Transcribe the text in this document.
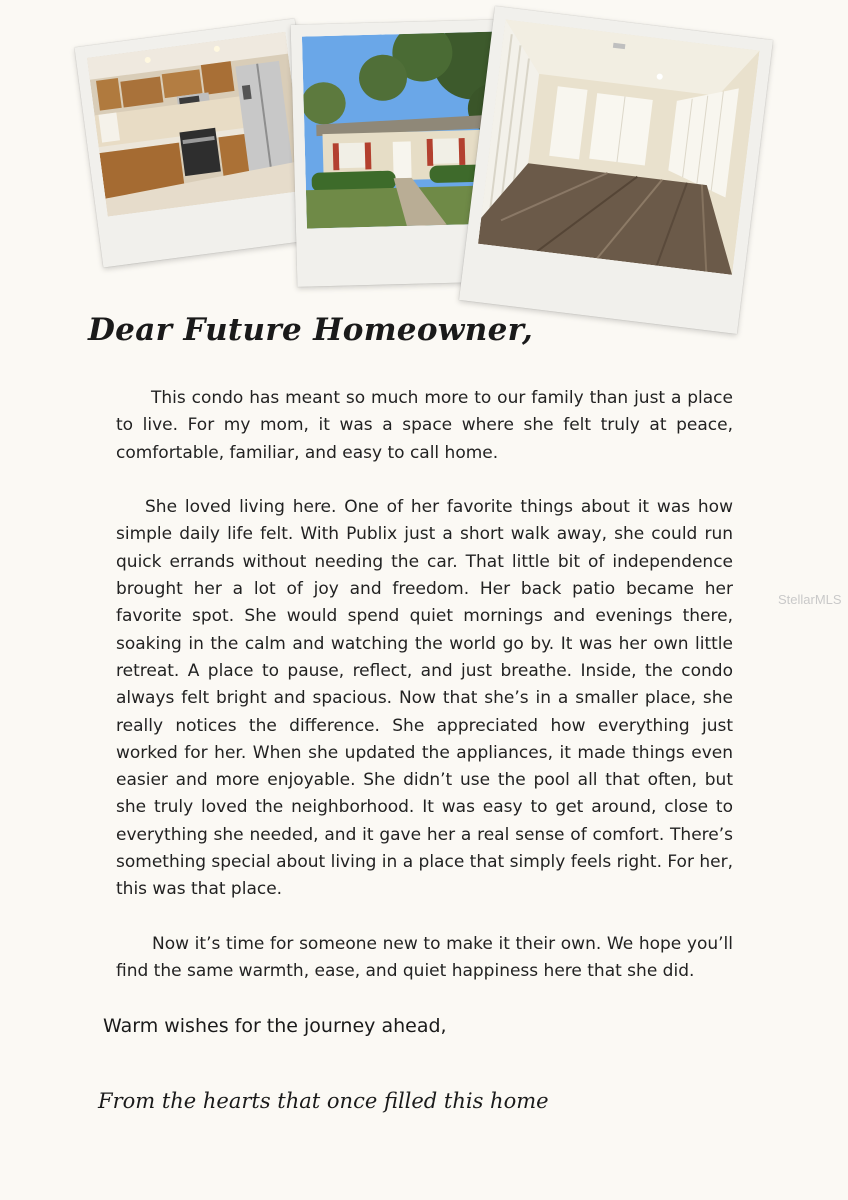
Dear Future Homeowner,

This condo has meant so much more to our family than just a place to live. For my mom, it was a space where she felt truly at peace, comfortable, familiar, and easy to call home.

She loved living here. One of her favorite things about it was how simple daily life felt. With Publix just a short walk away, she could run quick errands without needing the car. That little bit of independence brought her a lot of joy and freedom. Her back patio became her favorite spot. She would spend quiet mornings and evenings there, soaking in the calm and watching the world go by. It was her own little retreat. A place to pause, reflect, and just breathe. Inside, the condo always felt bright and spacious. Now that she’s in a smaller place, she really notices the difference. She appreciated how everything just worked for her. When she updated the appliances, it made things even easier and more enjoyable. She didn’t use the pool all that often, but she truly loved the neighborhood. It was easy to get around, close to everything she needed, and it gave her a real sense of comfort. There’s something special about living in a place that simply feels right. For her, this was that place.

Now it’s time for someone new to make it their own. We hope you’ll find the same warmth, ease, and quiet happiness here that she did.

StellarMLS

Warm wishes for the journey ahead,

From the hearts that once filled this home
